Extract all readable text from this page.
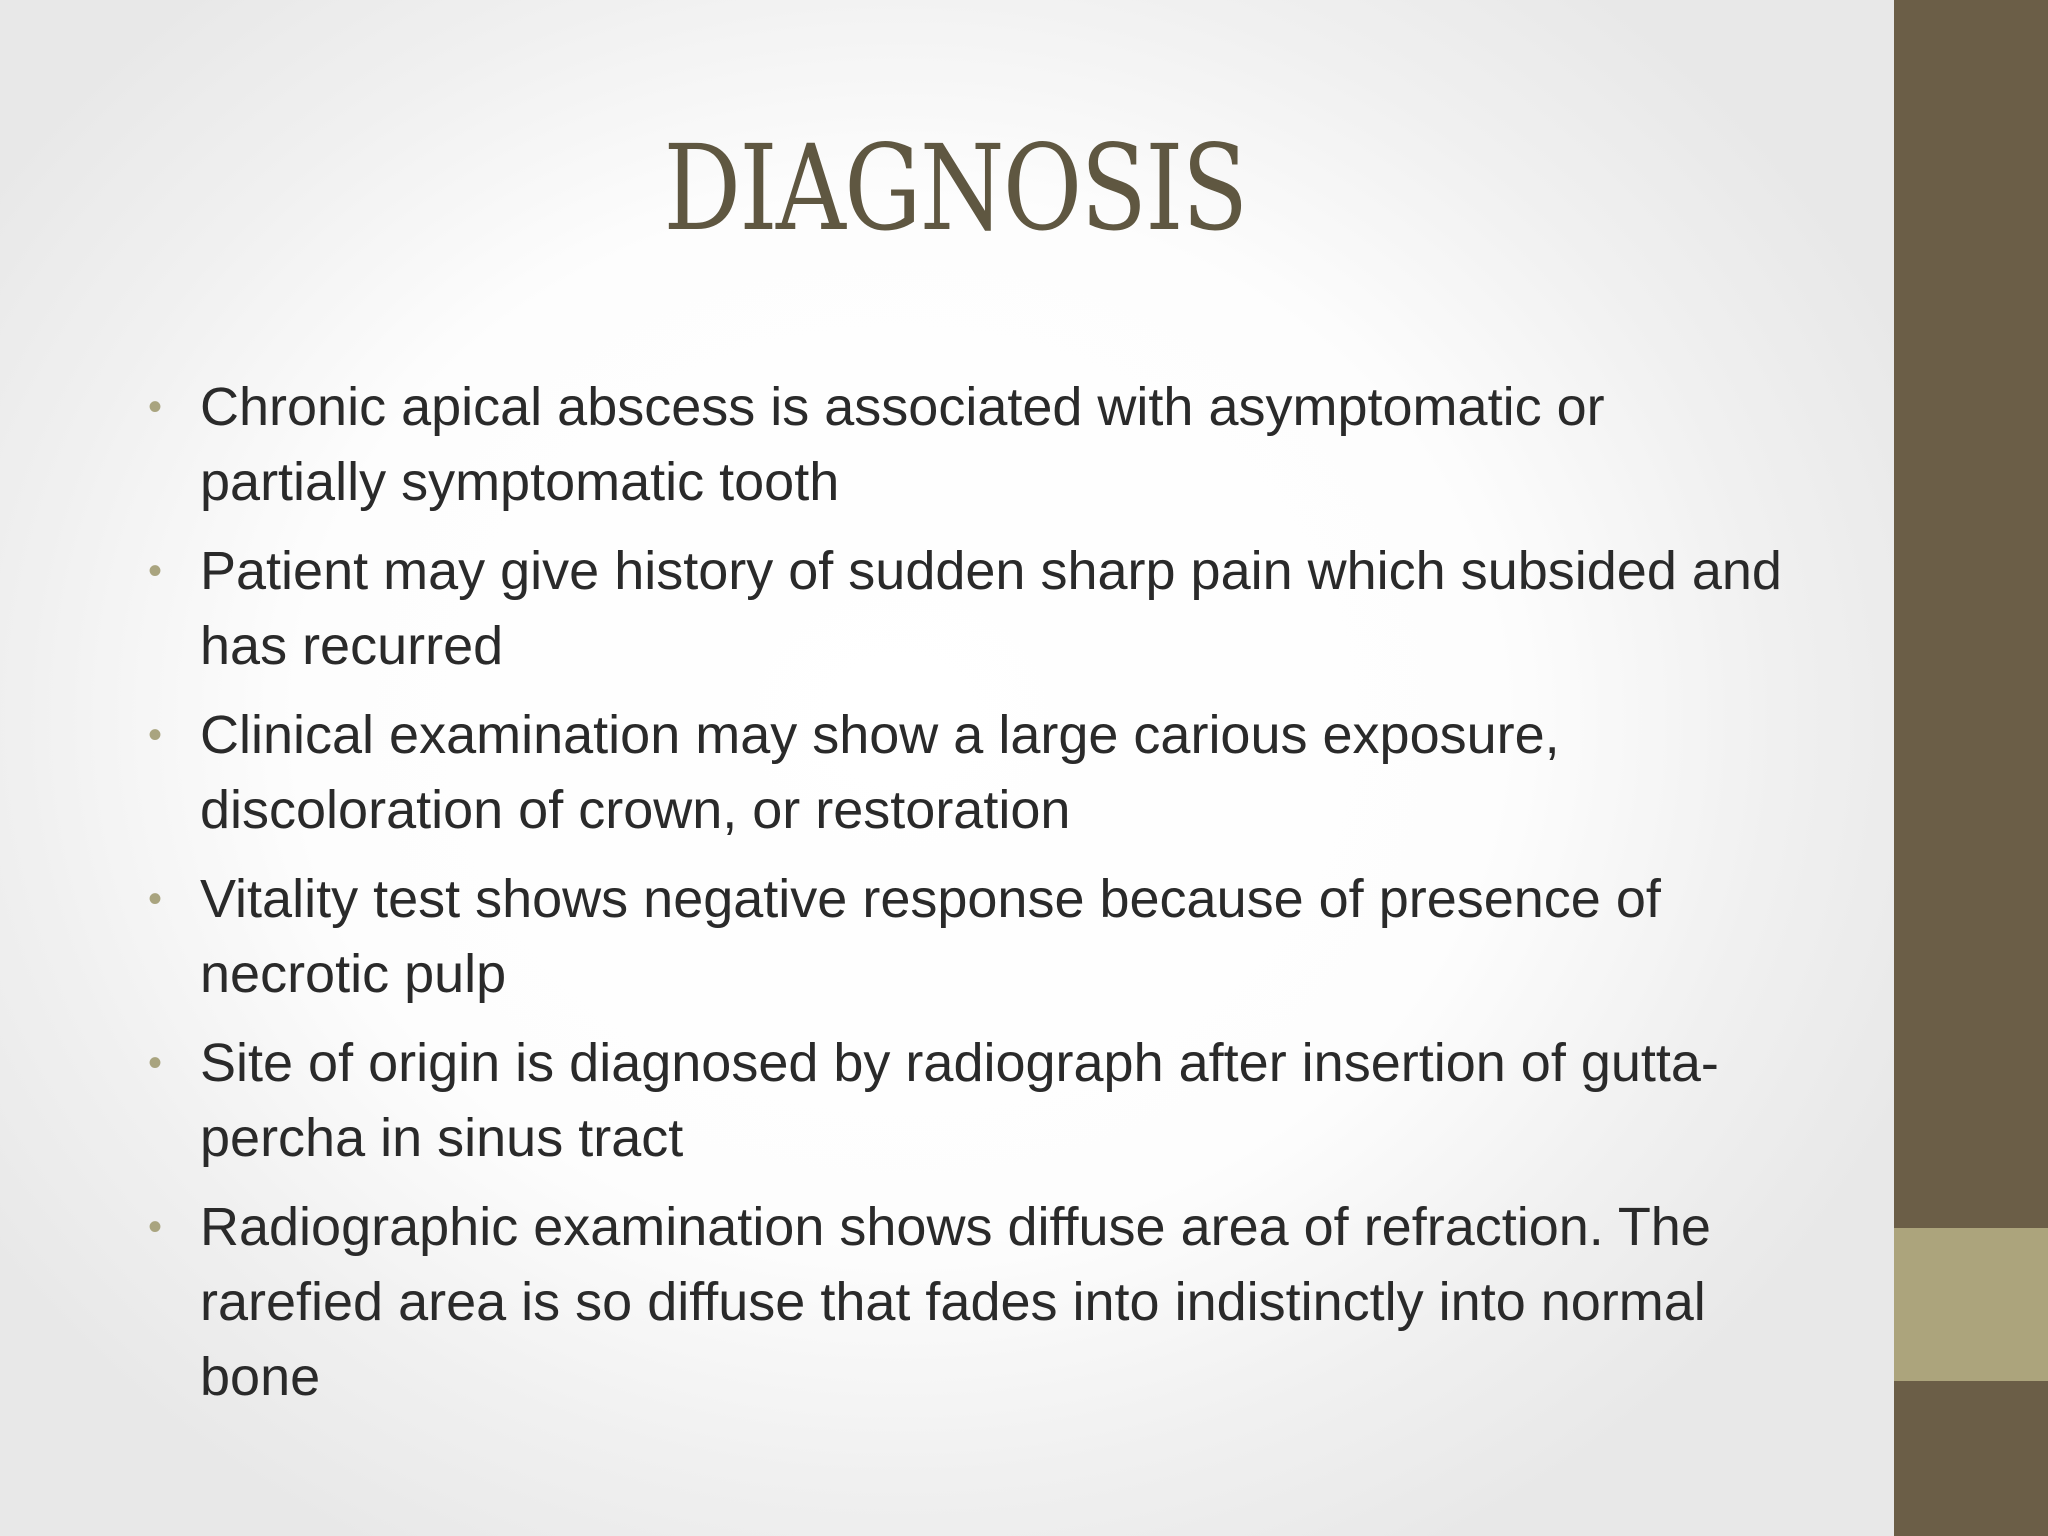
DIAGNOSIS
• Chronic apical abscess is associated with asymptomatic or partially symptomatic tooth
• Patient may give history of sudden sharp pain which subsided and has recurred
• Clinical examination may show a large carious exposure, discoloration of crown, or restoration
• Vitality test shows negative response because of presence of necrotic pulp
• Site of origin is diagnosed by radiograph after insertion of gutta-percha in sinus tract
• Radiographic examination shows diffuse area of refraction. The rarefied area is so diffuse that fades into indistinctly into normal bone
